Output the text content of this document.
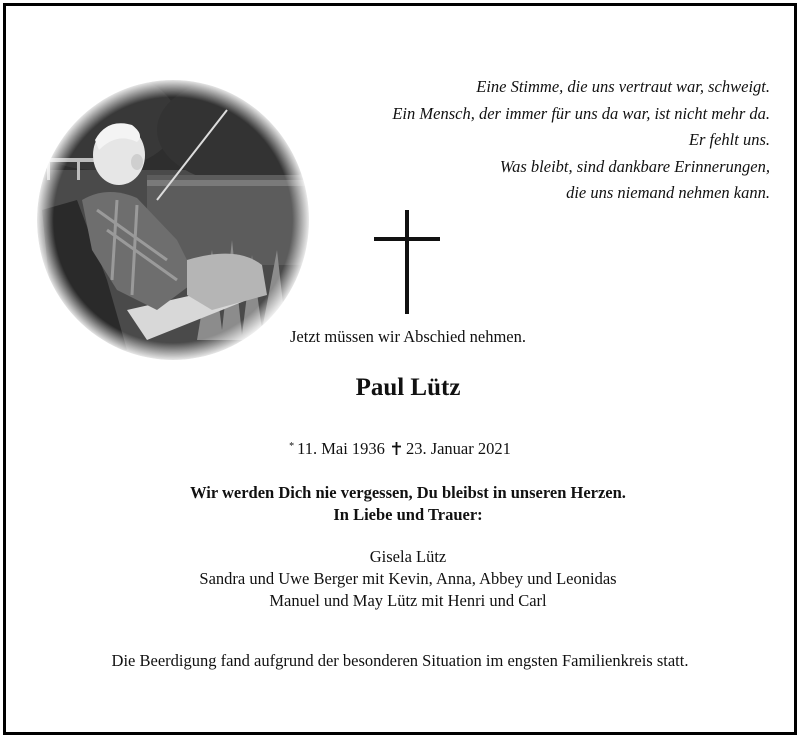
Eine Stimme, die uns vertraut war, schweigt.
Ein Mensch, der immer für uns da war, ist nicht mehr da.
Er fehlt uns.
Was bleibt, sind dankbare Erinnerungen,
die uns niemand nehmen kann.
Jetzt müssen wir Abschied nehmen.
Paul Lütz
* 11. Mai 1936 23. Januar 2021
Wir werden Dich nie vergessen, Du bleibst in unseren Herzen.
In Liebe und Trauer:
Gisela Lütz
Sandra und Uwe Berger mit Kevin, Anna, Abbey und Leonidas
Manuel und May Lütz mit Henri und Carl
Die Beerdigung fand aufgrund der besonderen Situation im engsten Familienkreis statt.
